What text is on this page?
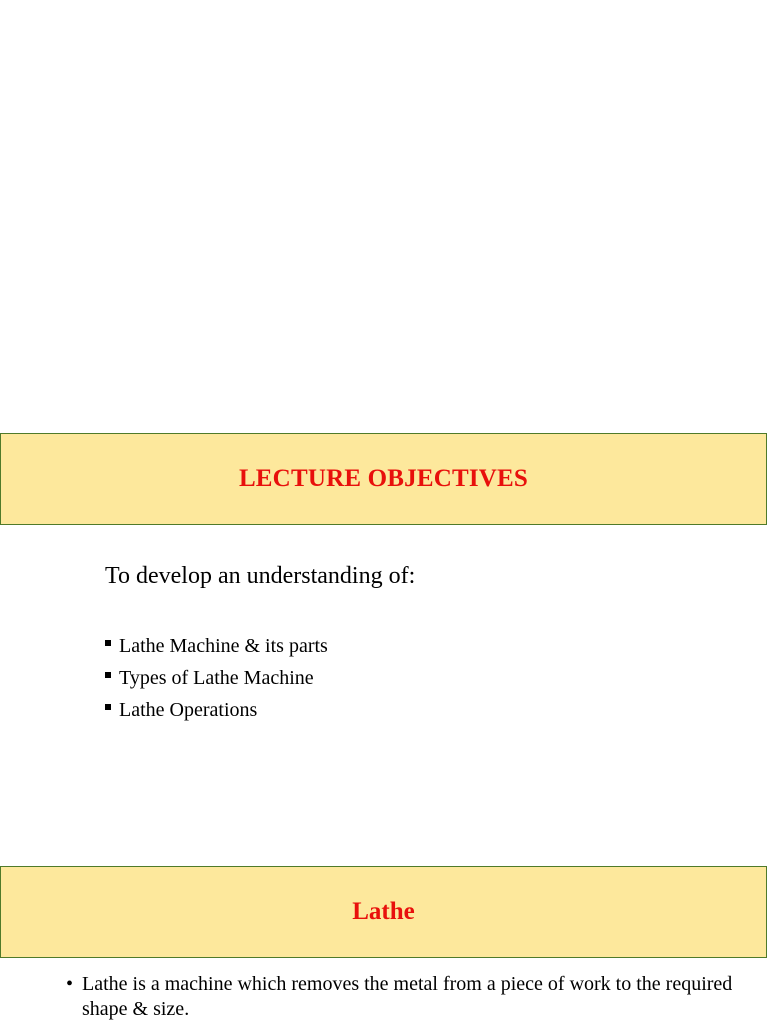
LECTURE OBJECTIVES
To develop an understanding of:
Lathe Machine & its parts
Types of Lathe Machine
Lathe Operations
Lathe
• Lathe is a machine which removes the metal from a piece of work to the required shape & size.
